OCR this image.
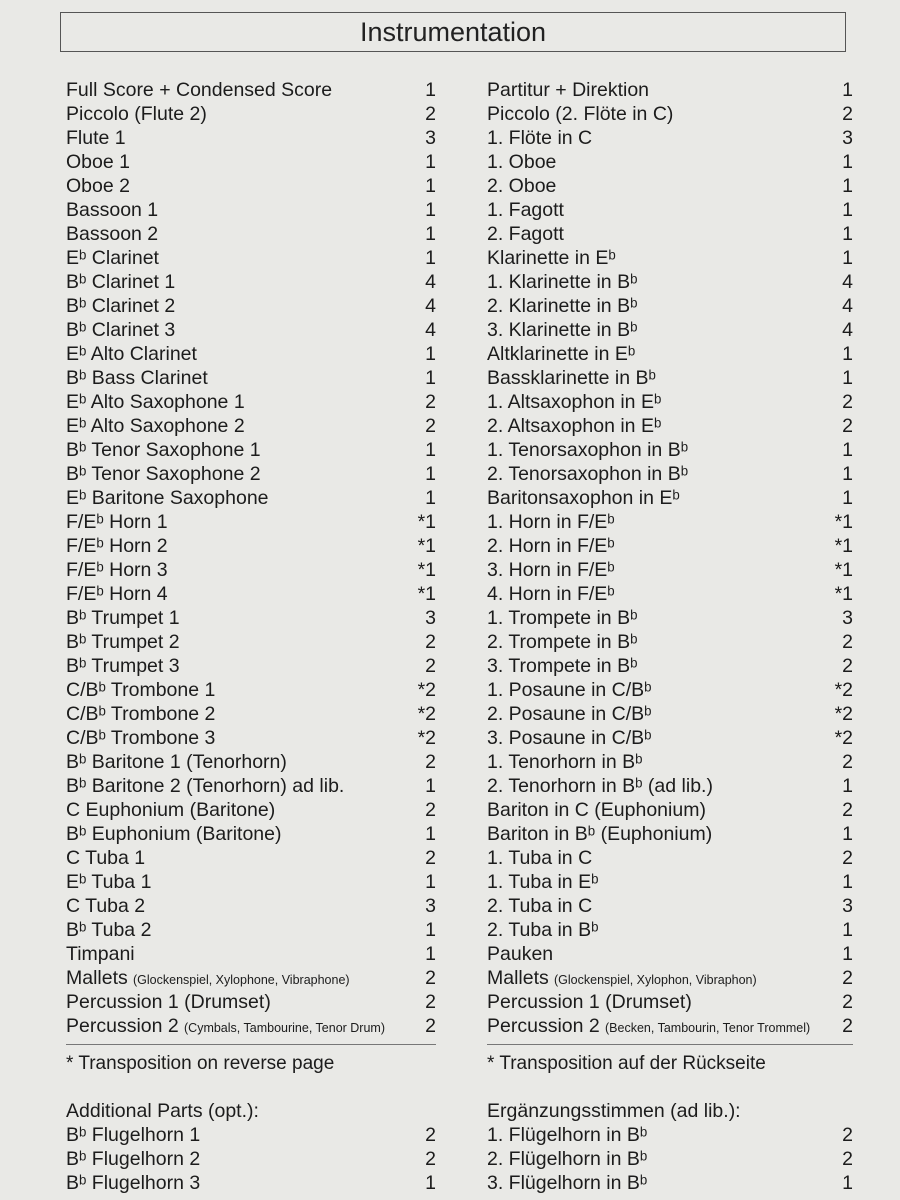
Instrumentation
Full Score + Condensed Score	1
Piccolo (Flute 2)	2
Flute 1	3
Oboe 1	1
Oboe 2	1
Bassoon 1	1
Bassoon 2	1
Eᵇ Clarinet	1
Bᵇ Clarinet 1	4
Bᵇ Clarinet 2	4
Bᵇ Clarinet 3	4
Eᵇ Alto Clarinet	1
Bᵇ Bass Clarinet	1
Eᵇ Alto Saxophone 1	2
Eᵇ Alto Saxophone 2	2
Bᵇ Tenor Saxophone 1	1
Bᵇ Tenor Saxophone 2	1
Eᵇ Baritone Saxophone	1
F/Eᵇ Horn 1	*1
F/Eᵇ Horn 2	*1
F/Eᵇ Horn 3	*1
F/Eᵇ Horn 4	*1
Bᵇ Trumpet 1	3
Bᵇ Trumpet 2	2
Bᵇ Trumpet 3	2
C/Bᵇ Trombone 1	*2
C/Bᵇ Trombone 2	*2
C/Bᵇ Trombone 3	*2
Bᵇ Baritone 1 (Tenorhorn)	2
Bᵇ Baritone 2 (Tenorhorn) ad lib.	1
C Euphonium (Baritone)	2
Bᵇ Euphonium (Baritone)	1
C Tuba 1	2
Eᵇ Tuba 1	1
C Tuba 2	3
Bᵇ Tuba 2	1
Timpani	1
Mallets (Glockenspiel, Xylophone, Vibraphone)	2
Percussion 1 (Drumset)	2
Percussion 2 (Cymbals, Tambourine, Tenor Drum) 2
* Transposition on reverse page
Additional Parts (opt.):
Bᵇ Flugelhorn 1	2
Bᵇ Flugelhorn 2	2
Bᵇ Flugelhorn 3	1
Partitur + Direktion	1
Piccolo (2. Flöte in C)	2
1. Flöte in C	3
1. Oboe	1
2. Oboe	1
1. Fagott	1
2. Fagott	1
Klarinette in Eᵇ	1
1. Klarinette in Bᵇ	4
2. Klarinette in Bᵇ	4
3. Klarinette in Bᵇ	4
Altklarinette in Eᵇ	1
Bassklarinette in Bᵇ	1
1. Altsaxophon in Eᵇ	2
2. Altsaxophon in Eᵇ	2
1. Tenorsaxophon in Bᵇ	1
2. Tenorsaxophon in Bᵇ	1
Baritonsaxophon in Eᵇ	1
1. Horn in F/Eᵇ	*1
2. Horn in F/Eᵇ	*1
3. Horn in F/Eᵇ	*1
4. Horn in F/Eᵇ	*1
1. Trompete in Bᵇ	3
2. Trompete in Bᵇ	2
3. Trompete in Bᵇ	2
1. Posaune in C/Bᵇ	*2
2. Posaune in C/Bᵇ	*2
3. Posaune in C/Bᵇ	*2
1. Tenorhorn in Bᵇ	2
2. Tenorhorn in Bᵇ (ad lib.)	1
Bariton in C (Euphonium)	2
Bariton in Bᵇ (Euphonium)	1
1. Tuba in C	2
1. Tuba in Eᵇ	1
2. Tuba in C	3
2. Tuba in Bᵇ	1
Pauken	1
Mallets (Glockenspiel, Xylophon, Vibraphon)	2
Percussion 1 (Drumset)	2
Percussion 2 (Becken, Tambourin, Tenor Trommel) 2
* Transposition auf der Rückseite
Ergänzungsstimmen (ad lib.):
1. Flügelhorn in Bᵇ	2
2. Flügelhorn in Bᵇ	2
3. Flügelhorn in Bᵇ	1
